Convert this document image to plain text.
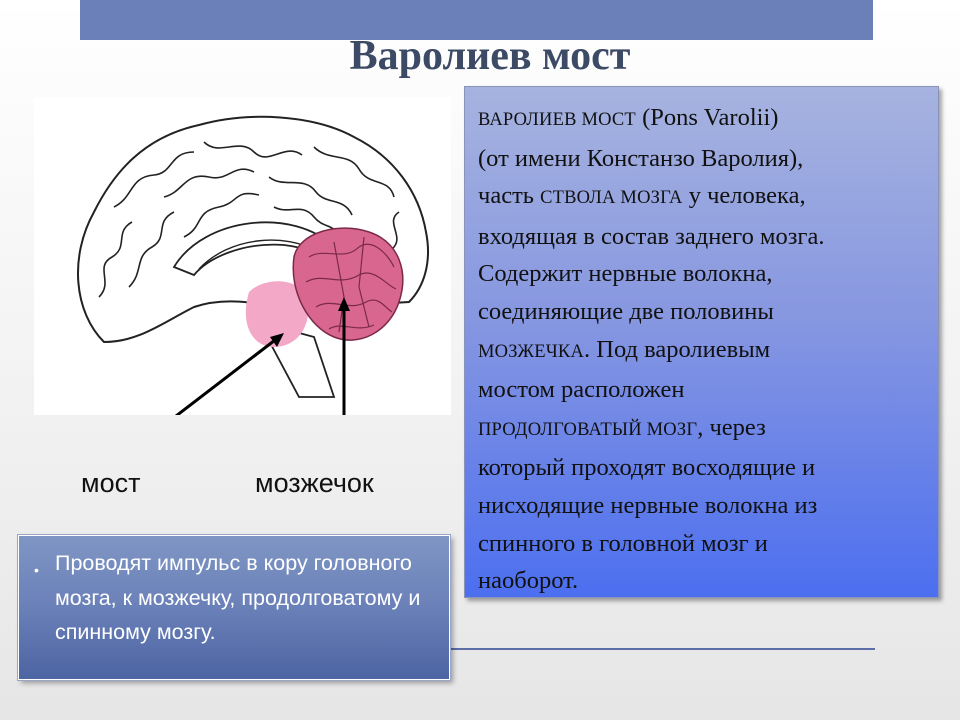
Варолиев мост
мост	мозжечок
ВАРОЛИЕВ МОСТ (Pons Varolii)
(от имени Констанзо Варолия),
часть СТВОЛА МОЗГА у человека,
входящая в состав заднего мозга.
Содержит нервные волокна,
соединяющие две половины
МОЗЖЕЧКА. Под варолиевым
мостом расположен
ПРОДОЛГОВАТЫЙ МОЗГ, через
который проходят восходящие и
нисходящие нервные волокна из
спинного в головной мозг и
наоборот.
• Проводят импульс в кору головного мозга, к мозжечку, продолговатому и спинному мозгу.
